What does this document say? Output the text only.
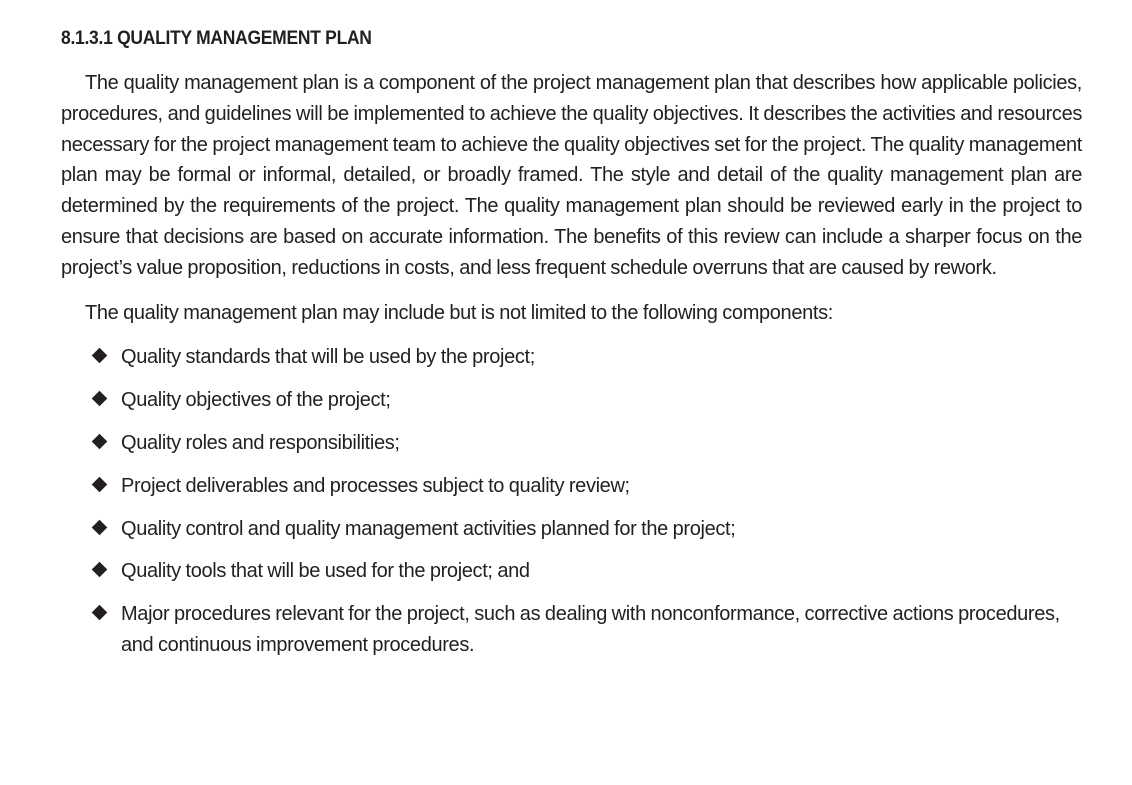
8.1.3.1 QUALITY MANAGEMENT PLAN

The quality management plan is a component of the project management plan that describes how applicable policies, procedures, and guidelines will be implemented to achieve the quality objectives. It describes the activities and resources necessary for the project management team to achieve the quality objectives set for the project. The quality management plan may be formal or informal, detailed, or broadly framed. The style and detail of the quality management plan are determined by the requirements of the project. The quality management plan should be reviewed early in the project to ensure that decisions are based on accurate information. The benefits of this review can include a sharper focus on the project’s value proposition, reductions in costs, and less frequent schedule overruns that are caused by rework.

The quality management plan may include but is not limited to the following components:

Quality standards that will be used by the project;
Quality objectives of the project;
Quality roles and responsibilities;
Project deliverables and processes subject to quality review;
Quality control and quality management activities planned for the project;
Quality tools that will be used for the project; and
Major procedures relevant for the project, such as dealing with nonconformance, corrective actions procedures, and continuous improvement procedures.
